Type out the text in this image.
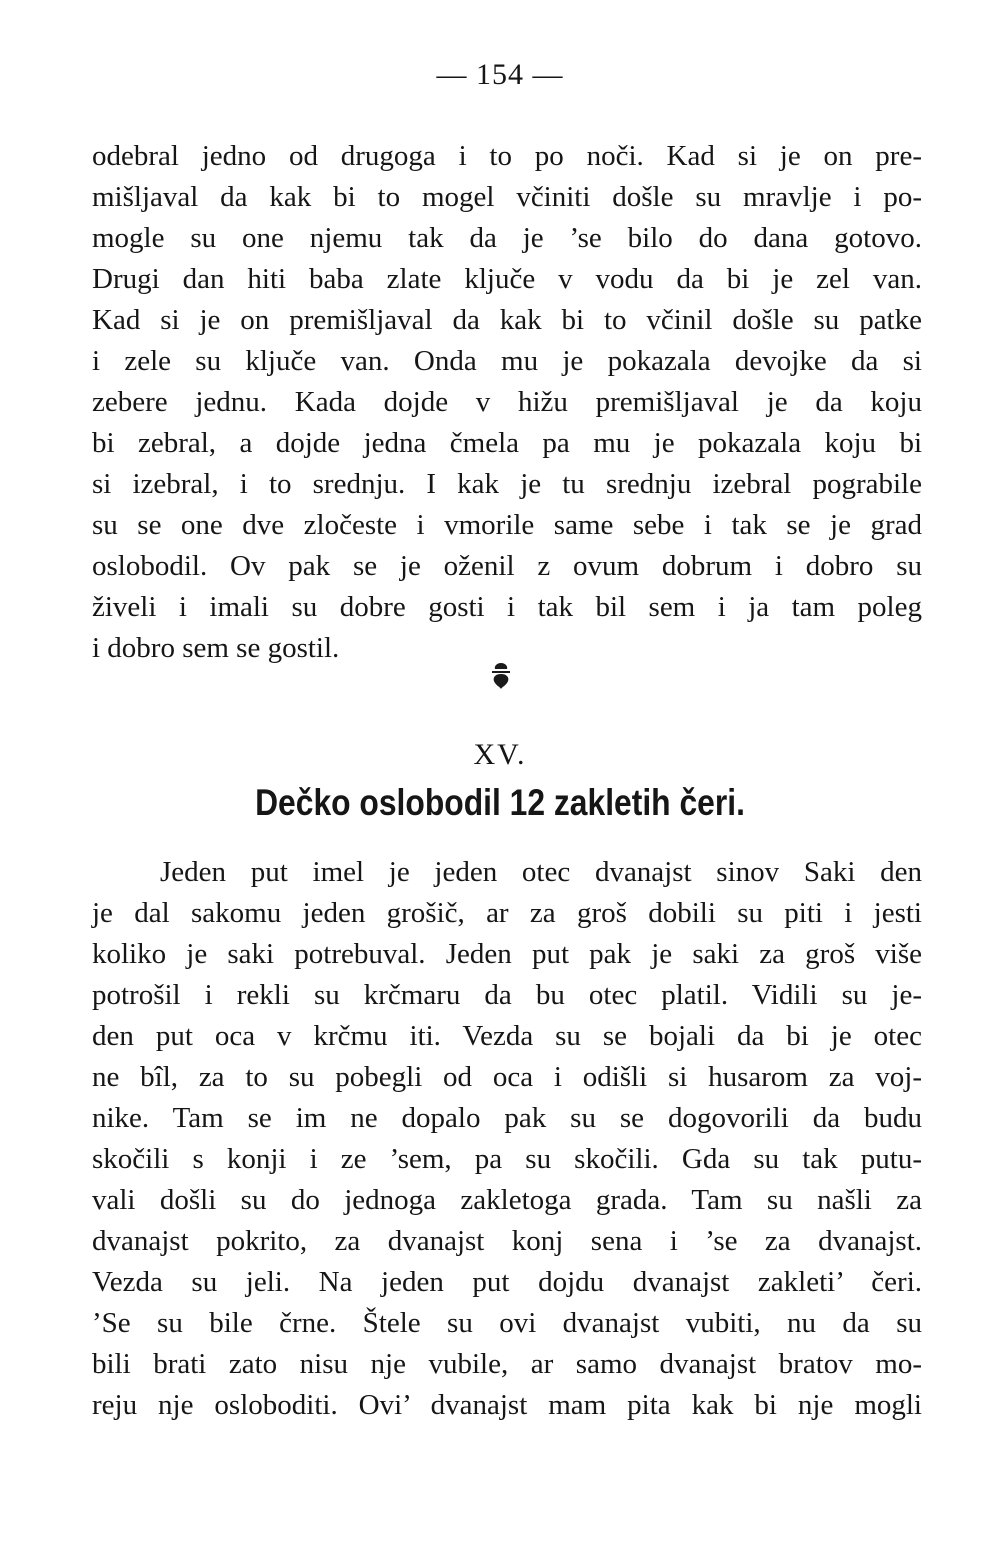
— 154 —
odebral jedno od drugoga i to po noči. Kad si je on pre-
mišljaval da kak bi to mogel včiniti došle su mravlje i po-
mogle su one njemu tak da je ’se bilo do dana gotovo.
Drugi dan hiti baba zlate ključe v vodu da bi je zel van.
Kad si je on premišljaval da kak bi to včinil došle su patke
i zele su ključe van. Onda mu je pokazala devojke da si
zebere jednu. Kada dojde v hižu premišljaval je da koju
bi zebral, a dojde jedna čmela pa mu je pokazala koju bi
si izebral, i to srednju. I kak je tu srednju izebral pograbile
su se one dve zločeste i vmorile same sebe i tak se je grad
oslobodil. Ov pak se je oženil z ovum dobrum i dobro su
živeli i imali su dobre gosti i tak bil sem i ja tam poleg
i dobro sem se gostil.
XV.
Dečko oslobodil 12 zakletih čeri.
Jeden put imel je jeden otec dvanajst sinov Saki den
je dal sakomu jeden grošič, ar za groš dobili su piti i jesti
koliko je saki potrebuval. Jeden put pak je saki za groš više
potrošil i rekli su krčmaru da bu otec platil. Vidili su je-
den put oca v krčmu iti. Vezda su se bojali da bi je otec
ne bîl, za to su pobegli od oca i odišli si husarom za voj-
nike. Tam se im ne dopalo pak su se dogovorili da budu
skočili s konji i ze ’sem, pa su skočili. Gda su tak putu-
vali došli su do jednoga zakletoga grada. Tam su našli za
dvanajst pokrito, za dvanajst konj sena i ’se za dvanajst.
Vezda su jeli. Na jeden put dojdu dvanajst zakleti’ čeri.
’Se su bile črne. Štele su ovi dvanajst vubiti, nu da su
bili brati zato nisu nje vubile, ar samo dvanajst bratov mo-
reju nje osloboditi. Ovi’ dvanajst mam pita kak bi nje mogli
